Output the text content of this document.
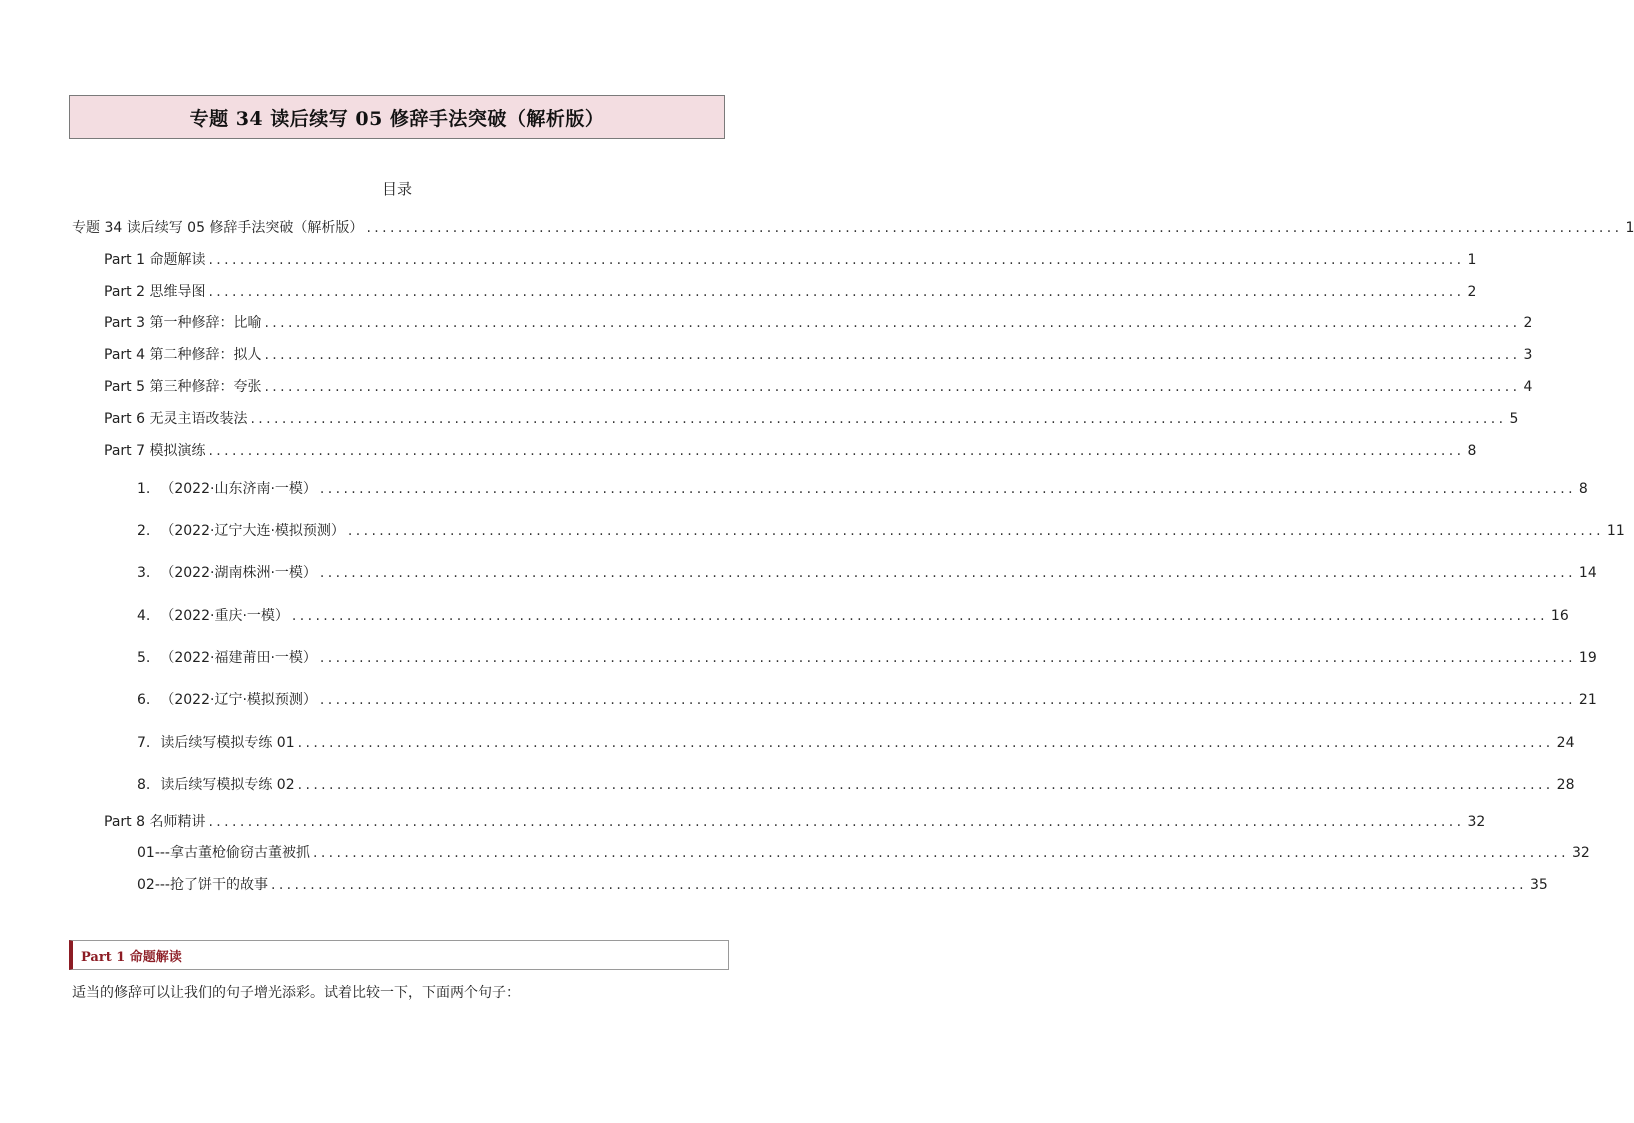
专题 34 读后续写 05 修辞手法突破（解析版）
目录
专题 34 读后续写 05 修辞手法突破（解析版） ................................................................................................................................................................ 1
Part 1 命题解读 ................................................................................................................................................................ 1
Part 2 思维导图 ................................................................................................................................................................ 2
Part 3 第一种修辞：比喻 ................................................................................................................................................................ 2
Part 4 第二种修辞：拟人 ................................................................................................................................................................ 3
Part 5 第三种修辞：夸张 ................................................................................................................................................................ 4
Part 6 无灵主语改装法 ................................................................................................................................................................ 5
Part 7 模拟演练 ................................................................................................................................................................ 8
1. （2022·山东济南·一模） ................................................................................................................................................................ 8
2. （2022·辽宁大连·模拟预测） ................................................................................................................................................................ 11
3. （2022·湖南株洲·一模） ................................................................................................................................................................ 14
4. （2022·重庆·一模） ................................................................................................................................................................ 16
5. （2022·福建莆田·一模） ................................................................................................................................................................ 19
6. （2022·辽宁·模拟预测） ................................................................................................................................................................ 21
7. 读后续写模拟专练 01 ................................................................................................................................................................ 24
8. 读后续写模拟专练 02 ................................................................................................................................................................ 28
Part 8 名师精讲 ................................................................................................................................................................ 32
01---拿古董枪偷窃古董被抓 ................................................................................................................................................................ 32
02---抢了饼干的故事 ................................................................................................................................................................ 35
Part 1 命题解读
适当的修辞可以让我们的句子增光添彩。试着比较一下，下面两个句子：
